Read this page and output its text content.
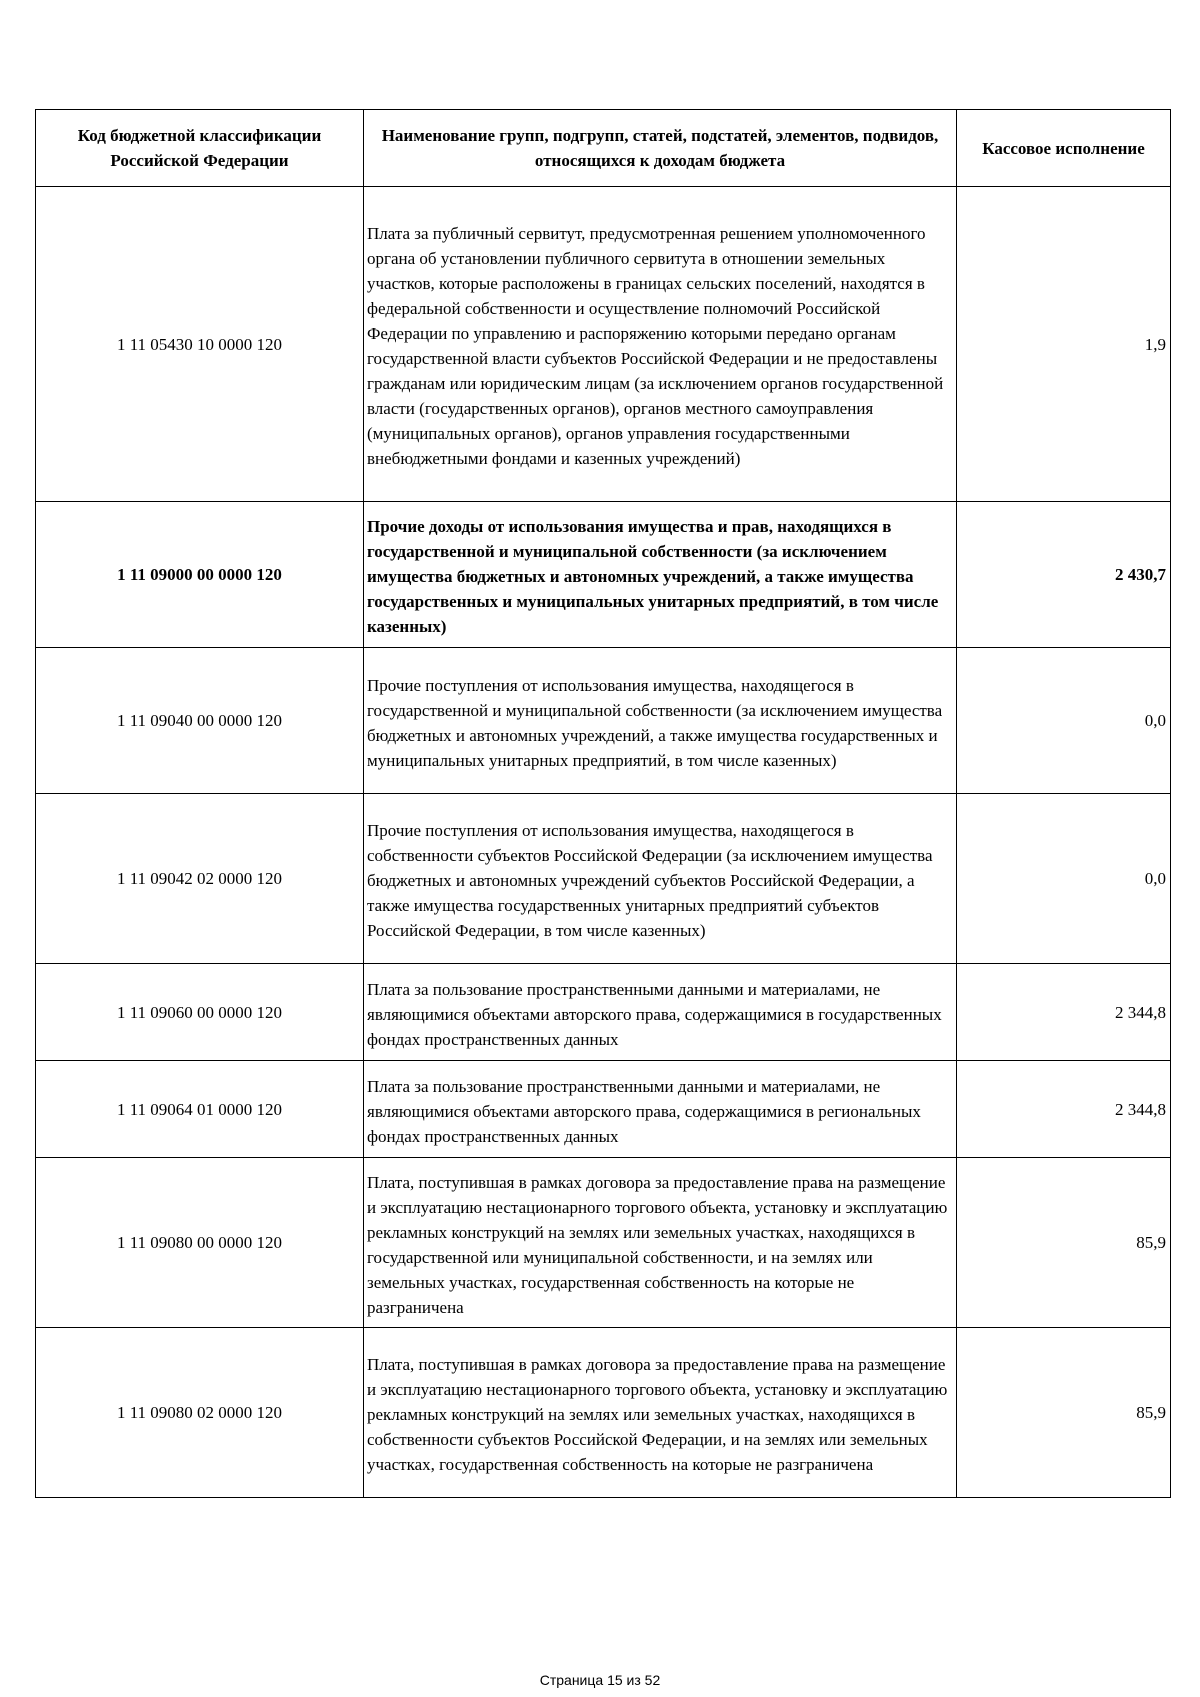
Код бюджетной классификации Российской Федерации	Наименование групп, подгрупп, статей, подстатей, элементов, подвидов, относящихся к доходам бюджета	Кассовое исполнение
1 11 05430 10 0000 120	Плата за публичный сервитут, предусмотренная решением уполномоченного органа об установлении публичного сервитута в отношении земельных участков, которые расположены в границах сельских поселений, находятся в федеральной собственности и осуществление полномочий Российской Федерации по управлению и распоряжению которыми передано органам государственной власти субъектов Российской Федерации и не предоставлены гражданам или юридическим лицам (за исключением органов государственной власти (государственных органов), органов местного самоуправления (муниципальных органов), органов управления государственными внебюджетными фондами и казенных учреждений)	1,9
1 11 09000 00 0000 120	Прочие доходы от использования имущества и прав, находящихся в государственной и муниципальной собственности (за исключением имущества бюджетных и автономных учреждений, а также имущества государственных и муниципальных унитарных предприятий, в том числе казенных)	2 430,7
1 11 09040 00 0000 120	Прочие поступления от использования имущества, находящегося в государственной и муниципальной собственности (за исключением имущества бюджетных и автономных учреждений, а также имущества государственных и муниципальных унитарных предприятий, в том числе казенных)	0,0
1 11 09042 02 0000 120	Прочие поступления от использования имущества, находящегося в собственности субъектов Российской Федерации (за исключением имущества бюджетных и автономных учреждений субъектов Российской Федерации, а также имущества государственных унитарных предприятий субъектов Российской Федерации, в том числе казенных)	0,0
1 11 09060 00 0000 120	Плата за пользование пространственными данными и материалами, не являющимися объектами авторского права, содержащимися в государственных фондах пространственных данных	2 344,8
1 11 09064 01 0000 120	Плата за пользование пространственными данными и материалами, не являющимися объектами авторского права, содержащимися в региональных фондах пространственных данных	2 344,8
1 11 09080 00 0000 120	Плата, поступившая в рамках договора за предоставление права на размещение и эксплуатацию нестационарного торгового объекта, установку и эксплуатацию рекламных конструкций на землях или земельных участках, находящихся в государственной или муниципальной собственности, и на землях или земельных участках, государственная собственность на которые не разграничена	85,9
1 11 09080 02 0000 120	Плата, поступившая в рамках договора за предоставление права на размещение и эксплуатацию нестационарного торгового объекта, установку и эксплуатацию рекламных конструкций на землях или земельных участках, находящихся в собственности субъектов Российской Федерации, и на землях или земельных участках, государственная собственность на которые не разграничена	85,9
Страница 15 из 52
